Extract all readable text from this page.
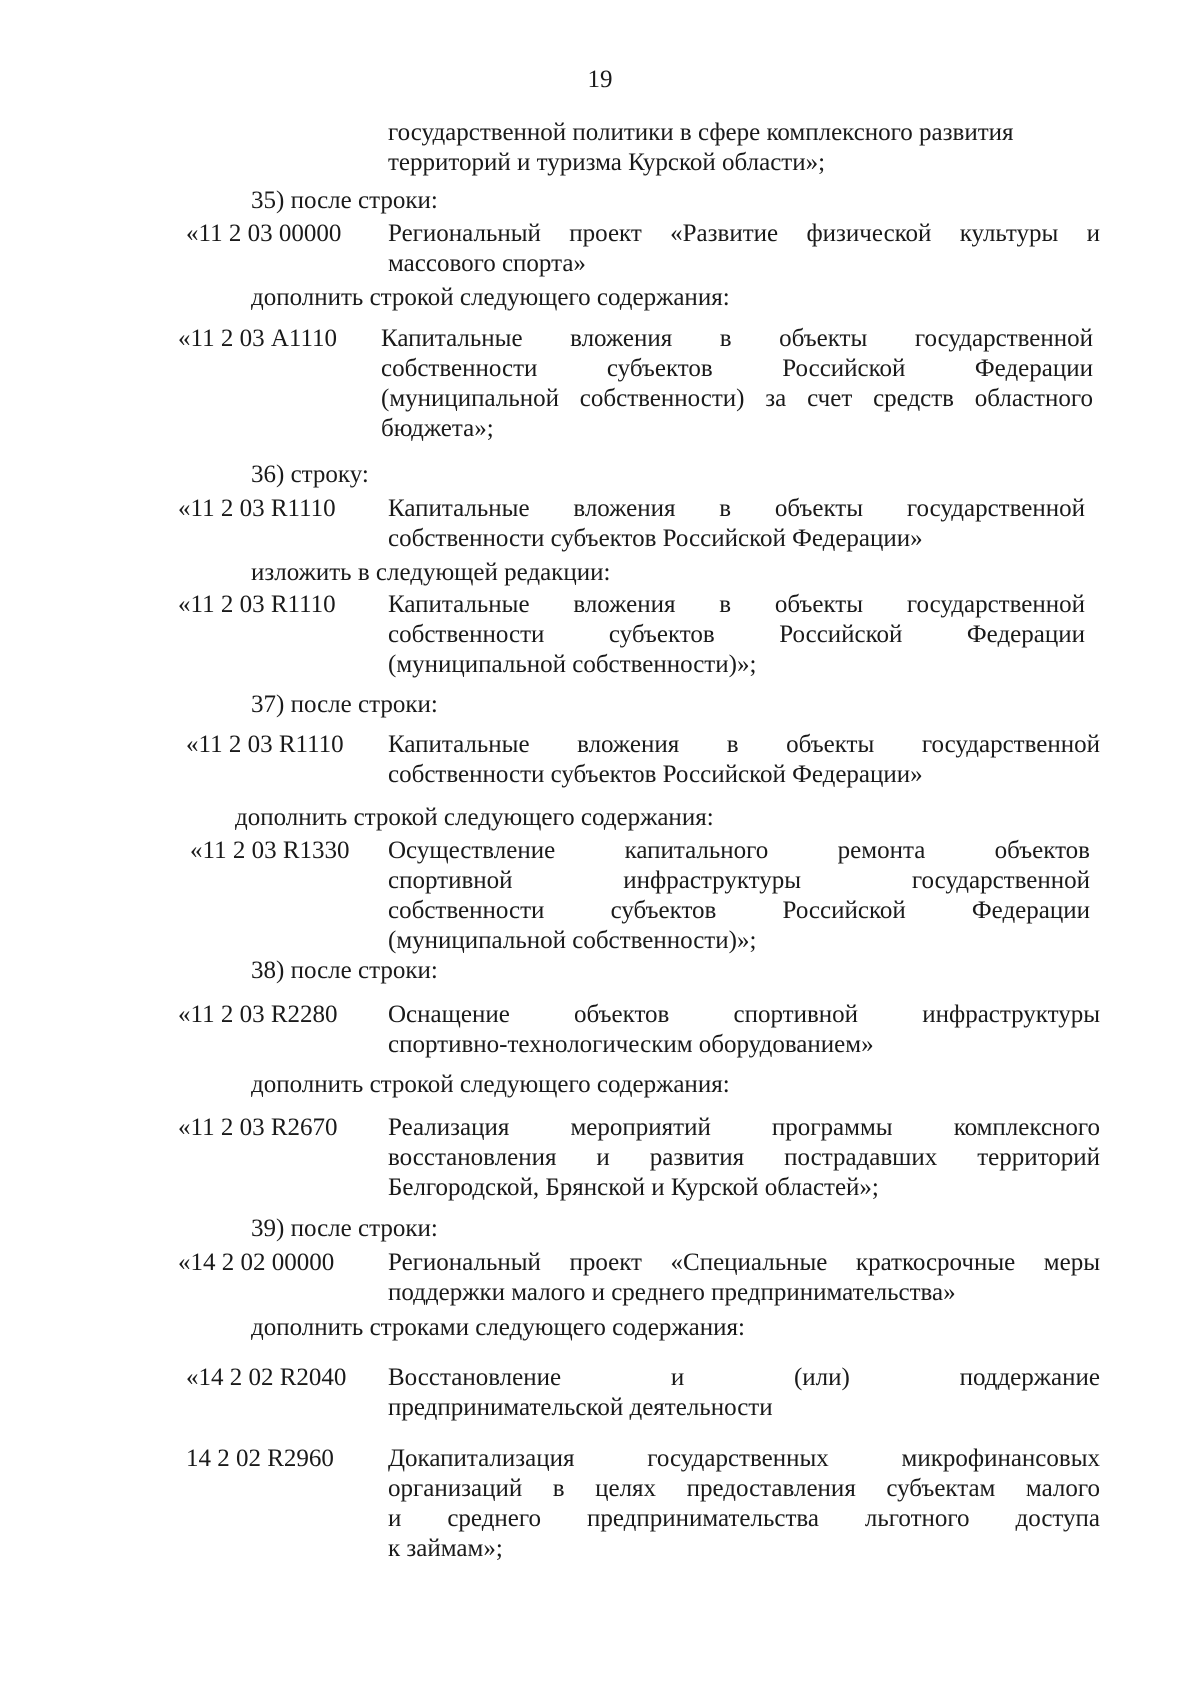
19
государственной политики в сфере комплексного развития
территорий и туризма Курской области»;
35) после строки:
«11 2 03 00000 Региональный проект «Развитие физической культуры и
массового спорта»
дополнить строкой следующего содержания:
«11 2 03 А1110 Капитальные вложения в объекты государственной
собственности субъектов Российской Федерации
(муниципальной собственности) за счет средств областного
бюджета»;
36) строку:
«11 2 03 R1110 Капитальные вложения в объекты государственной
собственности субъектов Российской Федерации»
изложить в следующей редакции:
«11 2 03 R1110 Капитальные вложения в объекты государственной
собственности субъектов Российской Федерации
(муниципальной собственности)»;
37) после строки:
«11 2 03 R1110 Капитальные вложения в объекты государственной
собственности субъектов Российской Федерации»
дополнить строкой следующего содержания:
«11 2 03 R1330 Осуществление капитального ремонта объектов
спортивной инфраструктуры государственной
собственности субъектов Российской Федерации
(муниципальной собственности)»;
38) после строки:
«11 2 03 R2280 Оснащение объектов спортивной инфраструктуры
спортивно-технологическим оборудованием»
дополнить строкой следующего содержания:
«11 2 03 R2670 Реализация мероприятий программы комплексного
восстановления и развития пострадавших территорий
Белгородской, Брянской и Курской областей»;
39) после строки:
«14 2 02 00000 Региональный проект «Специальные краткосрочные меры
поддержки малого и среднего предпринимательства»
дополнить строками следующего содержания:
«14 2 02 R2040 Восстановление и (или) поддержание
предпринимательской деятельности
14 2 02 R2960 Докапитализация государственных микрофинансовых
организаций в целях предоставления субъектам малого
и среднего предпринимательства льготного доступа
к займам»;
